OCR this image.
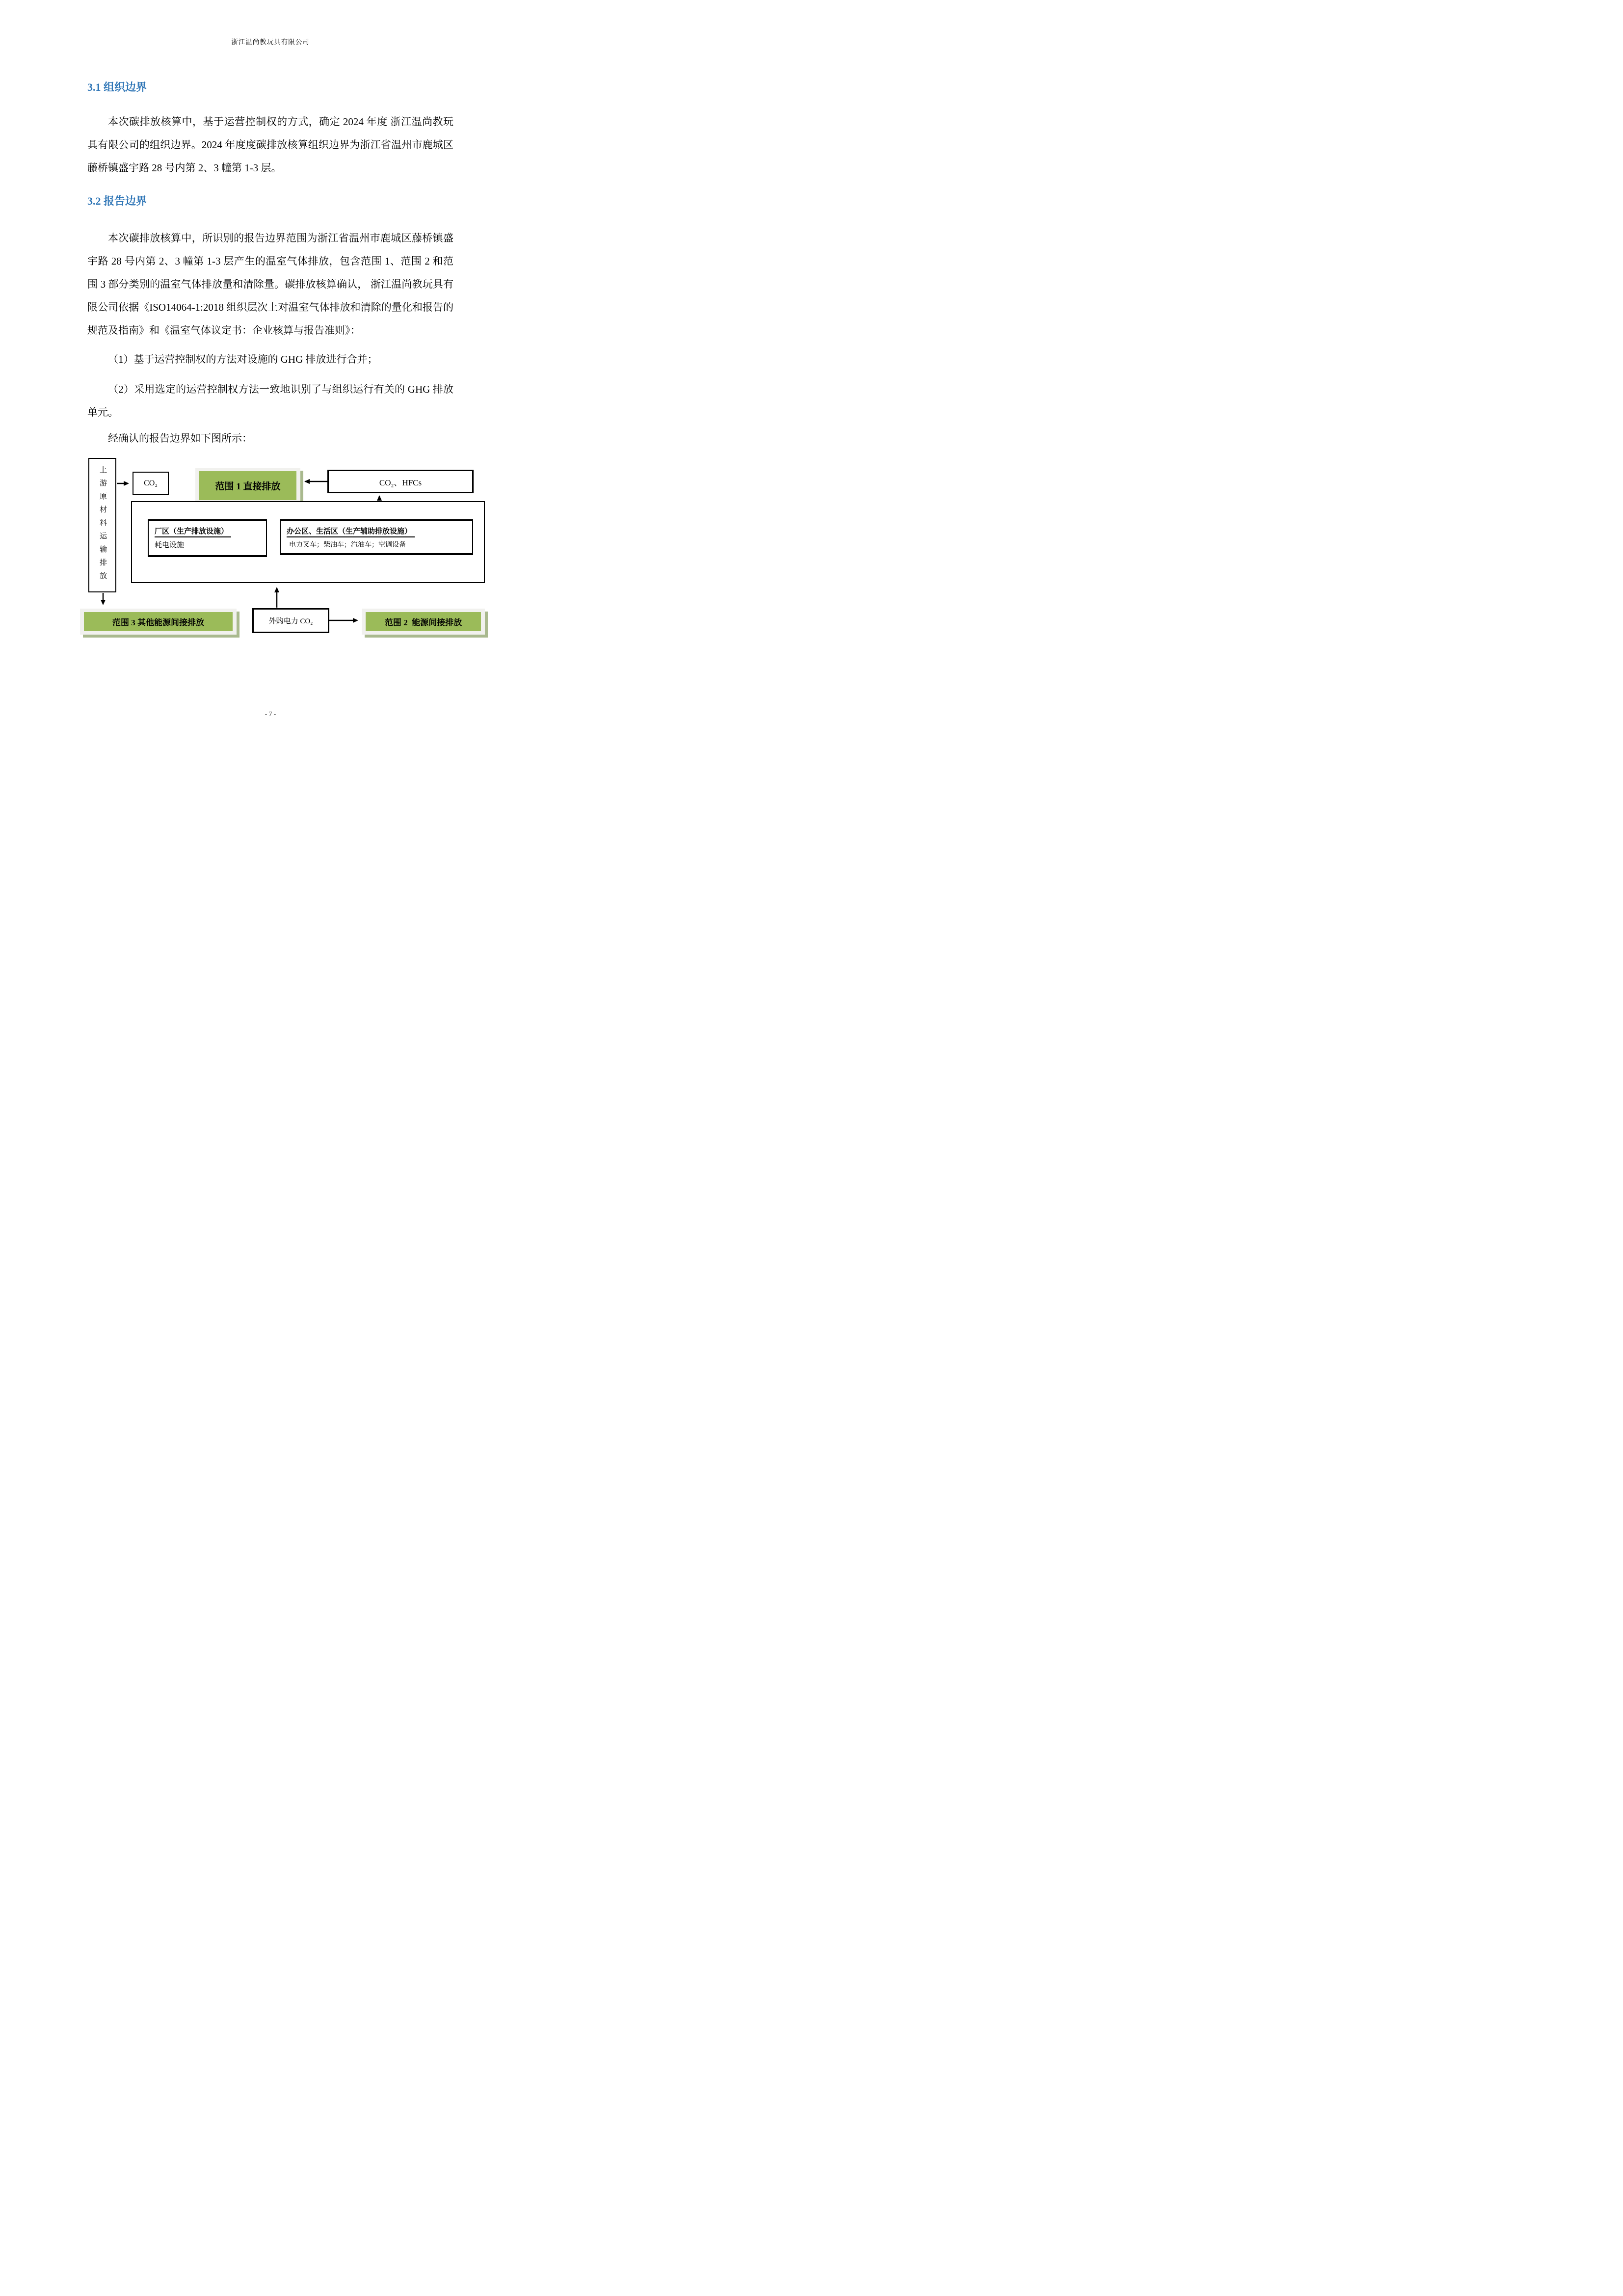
浙江温尚教玩具有限公司
3.1 组织边界

本次碳排放核算中，基于运营控制权的方式，确定 2024 年度 浙江温尚教玩具有限公司的组织边界。2024 年度度碳排放核算组织边界为浙江省温州市鹿城区藤桥镇盛宇路 28 号内第 2、3 幢第 1-3 层。

3.2 报告边界

本次碳排放核算中，所识别的报告边界范围为浙江省温州市鹿城区藤桥镇盛宇路 28 号内第 2、3 幢第 1-3 层产生的温室气体排放，包含范围 1、范围 2 和范围 3 部分类别的温室气体排放量和清除量。碳排放核算确认， 浙江温尚教玩具有限公司依据《ISO14064-1:2018 组织层次上对温室气体排放和清除的量化和报告的规范及指南》和《温室气体议定书：企业核算与报告准则》：

（1）基于运营控制权的方法对设施的 GHG 排放进行合并；

（2）采用选定的运营控制权方法一致地识别了与组织运行有关的 GHG 排放单元。

经确认的报告边界如下图所示：

上游原材料运输排放	CO₂	范围 1 直接排放	CO₂、HFCs
厂区（生产排放设施）
耗电设施
办公区、生活区（生产辅助排放设施）
电力叉车；柴油车；汽油车；空调设备
范围 3 其他能源间接排放	外购电力 CO₂	范围 2  能源间接排放
- 7 -
